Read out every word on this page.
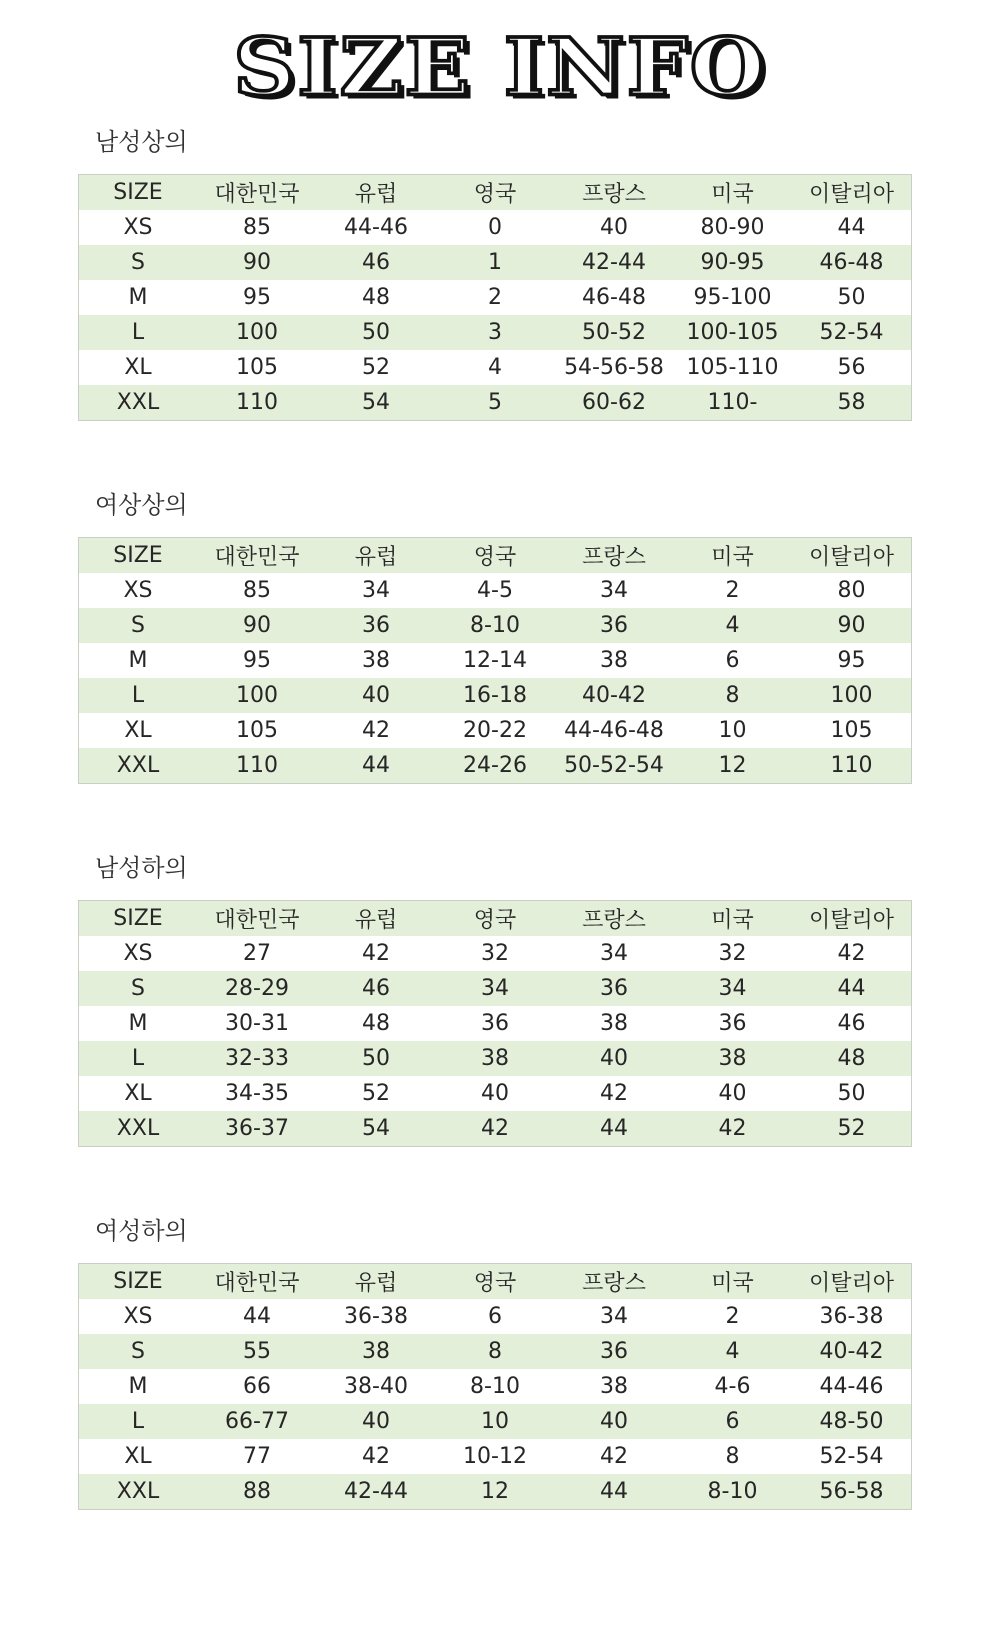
SIZE INFO
남성상의
SIZE	대한민국	유럽	영국	프랑스	미국	이탈리아
XS	85	44-46	0	40	80-90	44
S	90	46	1	42-44	90-95	46-48
M	95	48	2	46-48	95-100	50
L	100	50	3	50-52	100-105	52-54
XL	105	52	4	54-56-58	105-110	56
XXL	110	54	5	60-62	110-	58
여상상의
SIZE	대한민국	유럽	영국	프랑스	미국	이탈리아
XS	85	34	4-5	34	2	80
S	90	36	8-10	36	4	90
M	95	38	12-14	38	6	95
L	100	40	16-18	40-42	8	100
XL	105	42	20-22	44-46-48	10	105
XXL	110	44	24-26	50-52-54	12	110
남성하의
SIZE	대한민국	유럽	영국	프랑스	미국	이탈리아
XS	27	42	32	34	32	42
S	28-29	46	34	36	34	44
M	30-31	48	36	38	36	46
L	32-33	50	38	40	38	48
XL	34-35	52	40	42	40	50
XXL	36-37	54	42	44	42	52
여성하의
SIZE	대한민국	유럽	영국	프랑스	미국	이탈리아
XS	44	36-38	6	34	2	36-38
S	55	38	8	36	4	40-42
M	66	38-40	8-10	38	4-6	44-46
L	66-77	40	10	40	6	48-50
XL	77	42	10-12	42	8	52-54
XXL	88	42-44	12	44	8-10	56-58
